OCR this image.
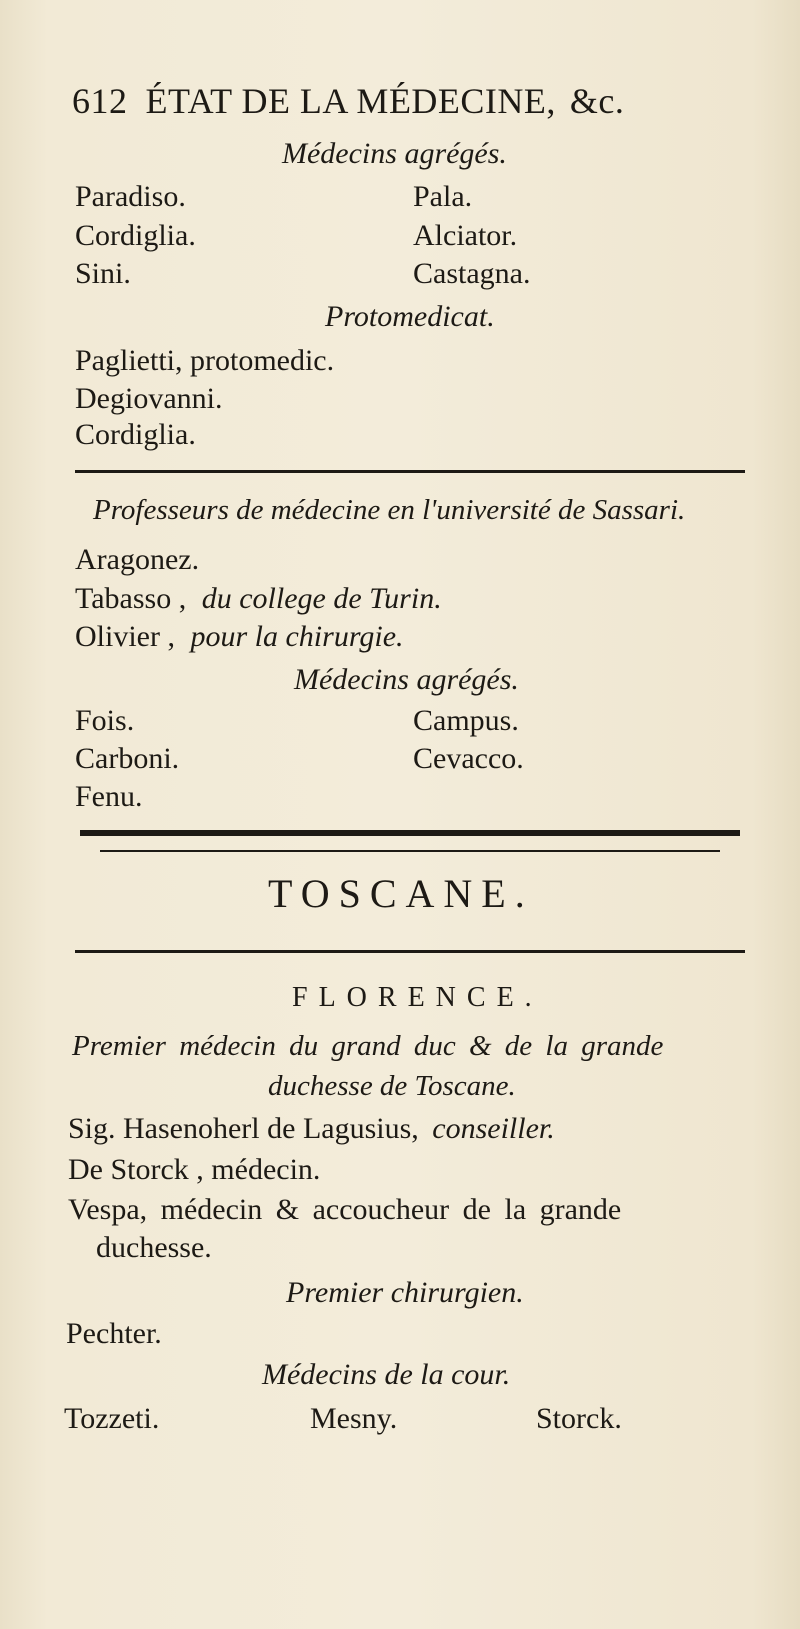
612 ÉTAT DE LA MÉDECINE, &c.
Médecins agrégés.
Paradiso.
Cordiglia.
Sini.
Pala.
Alciator.
Castagna.
Protomedicat.
Paglietti, protomedic.
Degiovanni.
Cordiglia.
Professeurs de médecine en l'université de Sassari.
Aragonez.
Tabasso , du college de Turin.
Olivier , pour la chirurgie.
Médecins agrégés.
Fois.
Carboni.
Fenu.
Campus.
Cevacco.
TOSCANE.
FLORENCE.
Premier médecin du grand duc & de la grande
duchesse de Toscane.
Sig. Hasenoherl de Lagusius, conseiller.
De Storck , médecin.
Vespa, médecin & accoucheur de la grande
duchesse.
Premier chirurgien.
Pechter.
Médecins de la cour.
Tozzeti.	Mesny.	Storck.
